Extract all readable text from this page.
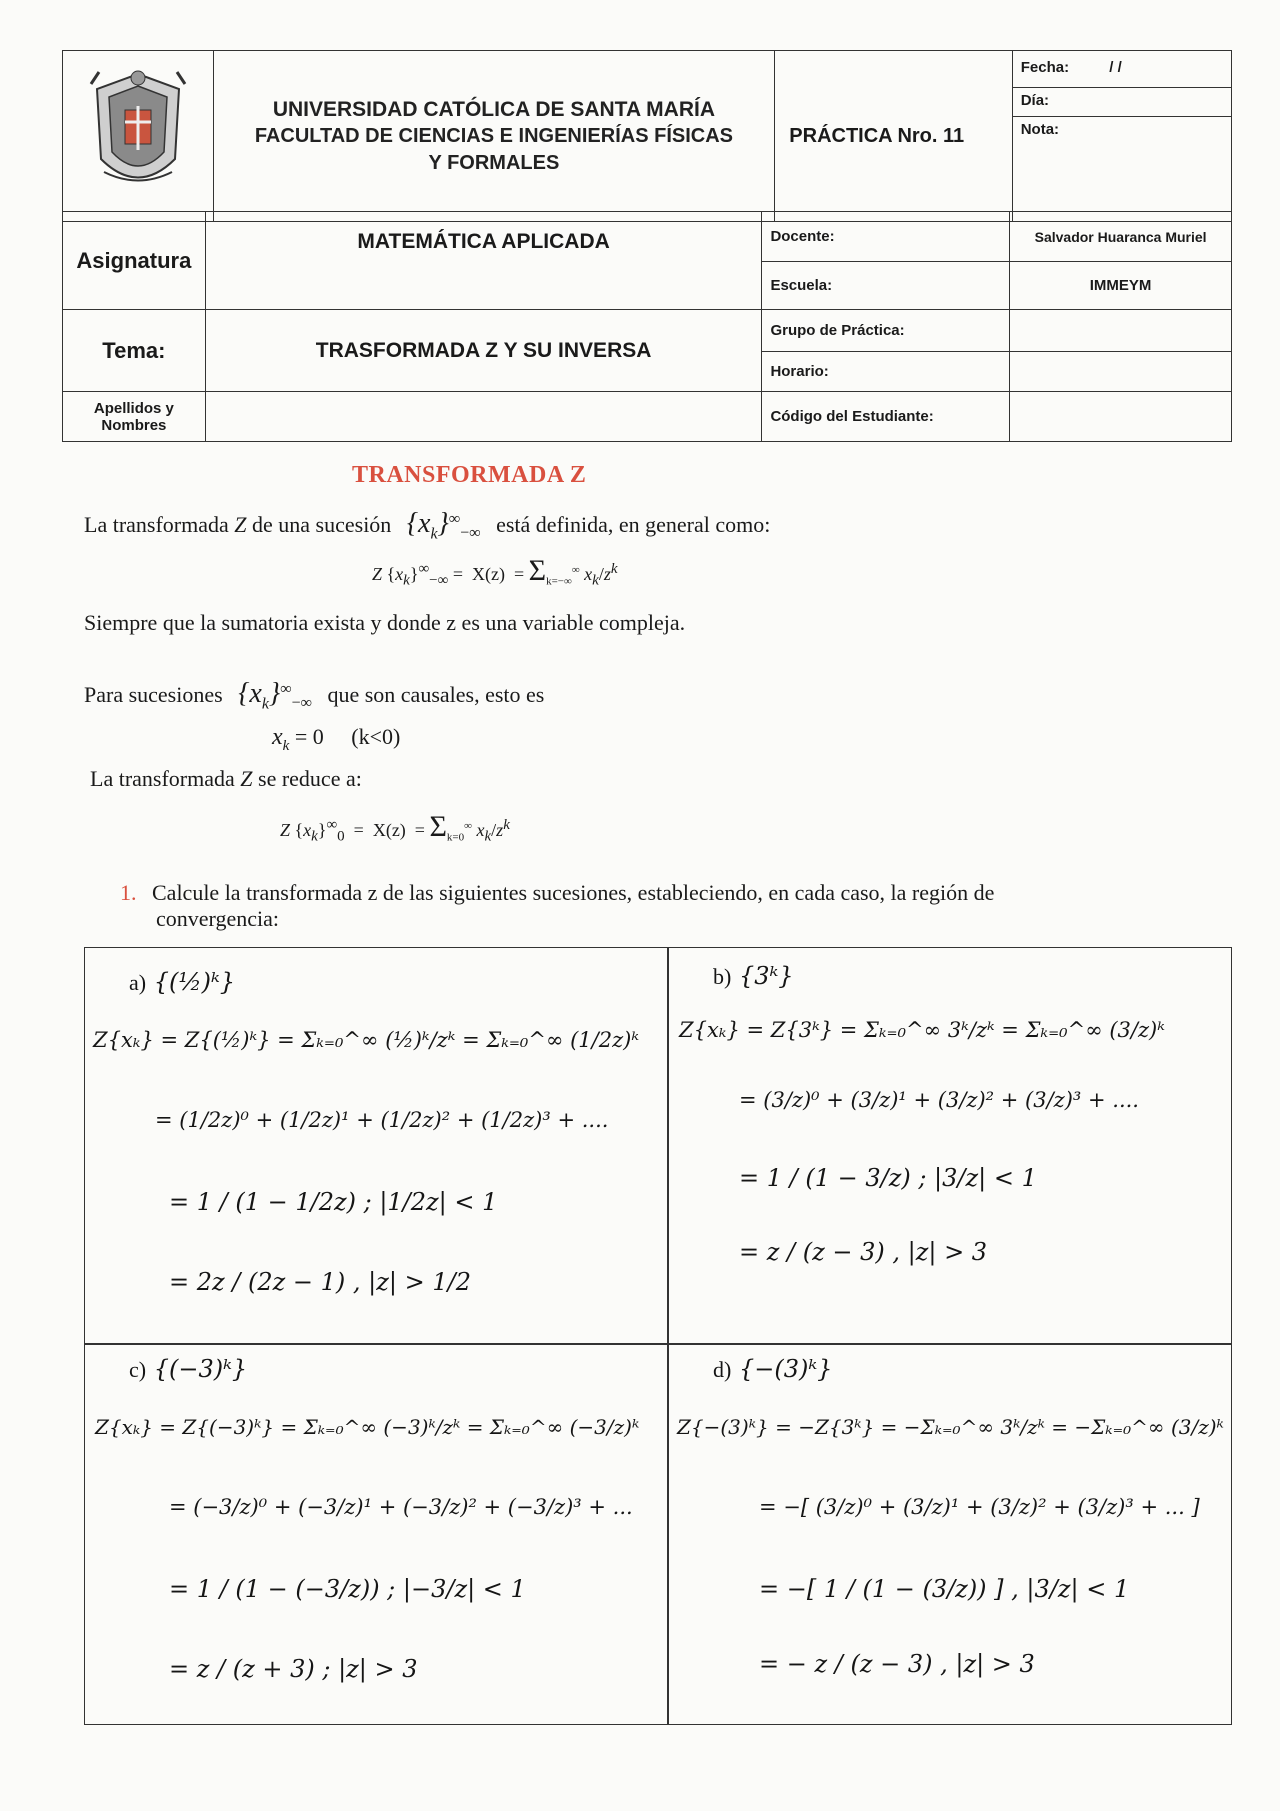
UNIVERSIDAD CATÓLICA DE SANTA MARÍA
FACULTAD DE CIENCIAS E INGENIERÍAS FÍSICAS
Y FORMALES
	PRÁCTICA Nro. 11	
Fecha:	/ /
Día:
Nota:
Asignatura	MATEMÁTICA APLICADA	Docente:	Salvador Huaranca Muriel
		Escuela:	IMMEYM
Tema:	TRASFORMADA Z Y SU INVERSA	Grupo de Práctica:	
		Horario:	
Apellidos y Nombres		Código del Estudiante:	
TRANSFORMADA Z
La transformada Z de una sucesión $\{x_k\}^\infty_{-\infty}$ está definida, en general como:
Z $\{x_k\}^\infty_{-\infty} = X(z) = \Sigma_{k=-\infty}^\infty$ $x_k/z^k$
Siempre que la sumatoria exista y donde z es una variable compleja.
Para sucesiones $\{x_k\}^\infty_{-\infty}$ que son causales, esto es
$x_k = 0$     (k<0)
La transformada Z se reduce a:
Z $\{x_k\}^\infty_0 = X(z) = \Sigma_{k=0}^\infty$ $x_k/z^k$
1. Calcule la transformada z de las siguientes sucesiones, estableciendo, en cada caso, la región de
convergencia:
a) {(½)ᵏ}
Z{xₖ} = Z{(½)ᵏ} = Σₖ₌₀^∞ (½)ᵏ/zᵏ = Σₖ₌₀^∞ (1/2z)ᵏ
= (1/2z)⁰ + (1/2z)¹ + (1/2z)² + (1/2z)³ + ....
= 1 / (1 − 1/2z) ; |1/2z| < 1
= 2z / (2z − 1) , |z| > 1/2
b) {3ᵏ}
Z{xₖ} = Z{3ᵏ} = Σₖ₌₀^∞ 3ᵏ/zᵏ = Σₖ₌₀^∞ (3/z)ᵏ
= (3/z)⁰ + (3/z)¹ + (3/z)² + (3/z)³ + ....
= 1 / (1 − 3/z) ; |3/z| < 1
= z / (z − 3) , |z| > 3
c) {(−3)ᵏ}
Z{xₖ} = Z{(−3)ᵏ} = Σₖ₌₀^∞ (−3)ᵏ/zᵏ = Σₖ₌₀^∞ (−3/z)ᵏ
= (−3/z)⁰ + (−3/z)¹ + (−3/z)² + (−3/z)³ + ...
= 1 / (1 − (−3/z)) ; |−3/z| < 1
= z / (z + 3) ; |z| > 3
d) {−(3)ᵏ}
Z{−(3)ᵏ} = −Z{3ᵏ} = −Σₖ₌₀^∞ 3ᵏ/zᵏ = −Σₖ₌₀^∞ (3/z)ᵏ
= −[ (3/z)⁰ + (3/z)¹ + (3/z)² + (3/z)³ + ... ]
= −[ 1 / (1 − (3/z)) ] , |3/z| < 1
= − z / (z − 3) , |z| > 3
